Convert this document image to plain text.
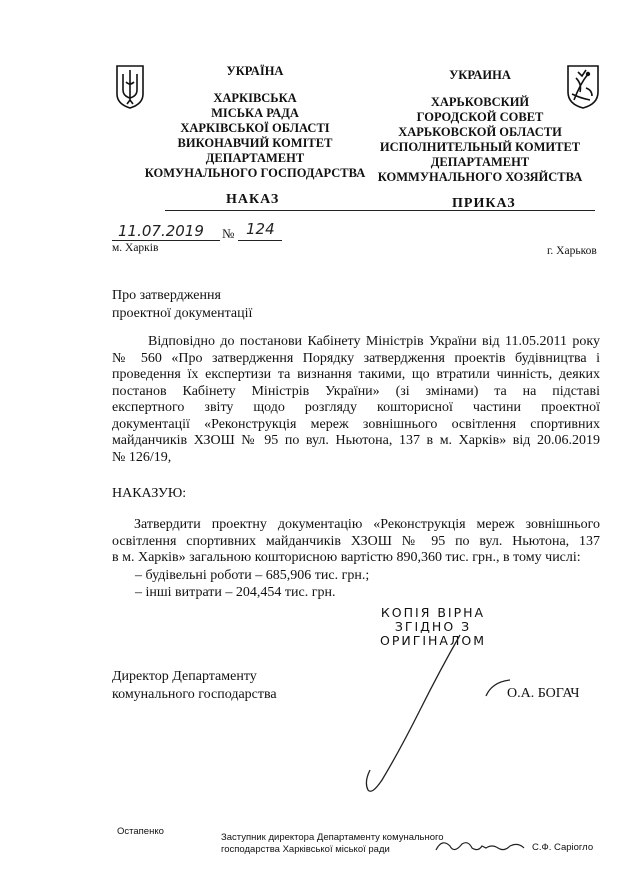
УКРАЇНА
ХАРКІВСЬКА
МІСЬКА РАДА
ХАРКІВСЬКОЇ ОБЛАСТІ
ВИКОНАВЧИЙ КОМІТЕТ
ДЕПАРТАМЕНТ
КОМУНАЛЬНОГО ГОСПОДАРСТВА
УКРАИНА
ХАРЬКОВСКИЙ
ГОРОДСКОЙ СОВЕТ
ХАРЬКОВСКОЙ ОБЛАСТИ
ИСПОЛНИТЕЛЬНЫЙ КОМИТЕТ
ДЕПАРТАМЕНТ
КОММУНАЛЬНОГО ХОЗЯЙСТВА
НАКАЗ	ПРИКАЗ
11.07.2019 № 124
м. Харків	г. Харьков
Про затвердження
проектної документації
Відповідно до постанови Кабінету Міністрів України від 11.05.2011 року
№ 560 «Про затвердження Порядку затвердження проектів будівництва і
проведення їх експертизи та визнання такими, що втратили чинність, деяких
постанов Кабінету Міністрів України» (зі змінами) та на підставі
експертного звіту щодо розгляду кошторисної частини проектної
документації «Реконструкція мереж зовнішнього освітлення спортивних
майданчиків ХЗОШ № 95 по вул. Ньютона, 137 в м. Харків» від 20.06.2019
№ 126/19,
НАКАЗУЮ:
Затвердити проектну документацію «Реконструкція мереж зовнішнього
освітлення спортивних майданчиків ХЗОШ № 95 по вул. Ньютона, 137
в м. Харків» загальною кошторисною вартістю 890,360 тис. грн., в тому числі:
– будівельні роботи – 685,906 тис. грн.;
– інші витрати – 204,454 тис. грн.
КОПІЯ ВІРНА
ЗГІДНО З
ОРИГІНАЛОМ
Директор Департаменту
комунального господарства	О.А. БОГАЧ
Остапенко
Заступник директора Департаменту комунального
господарства Харківської міської ради	С.Ф. Саріогло
